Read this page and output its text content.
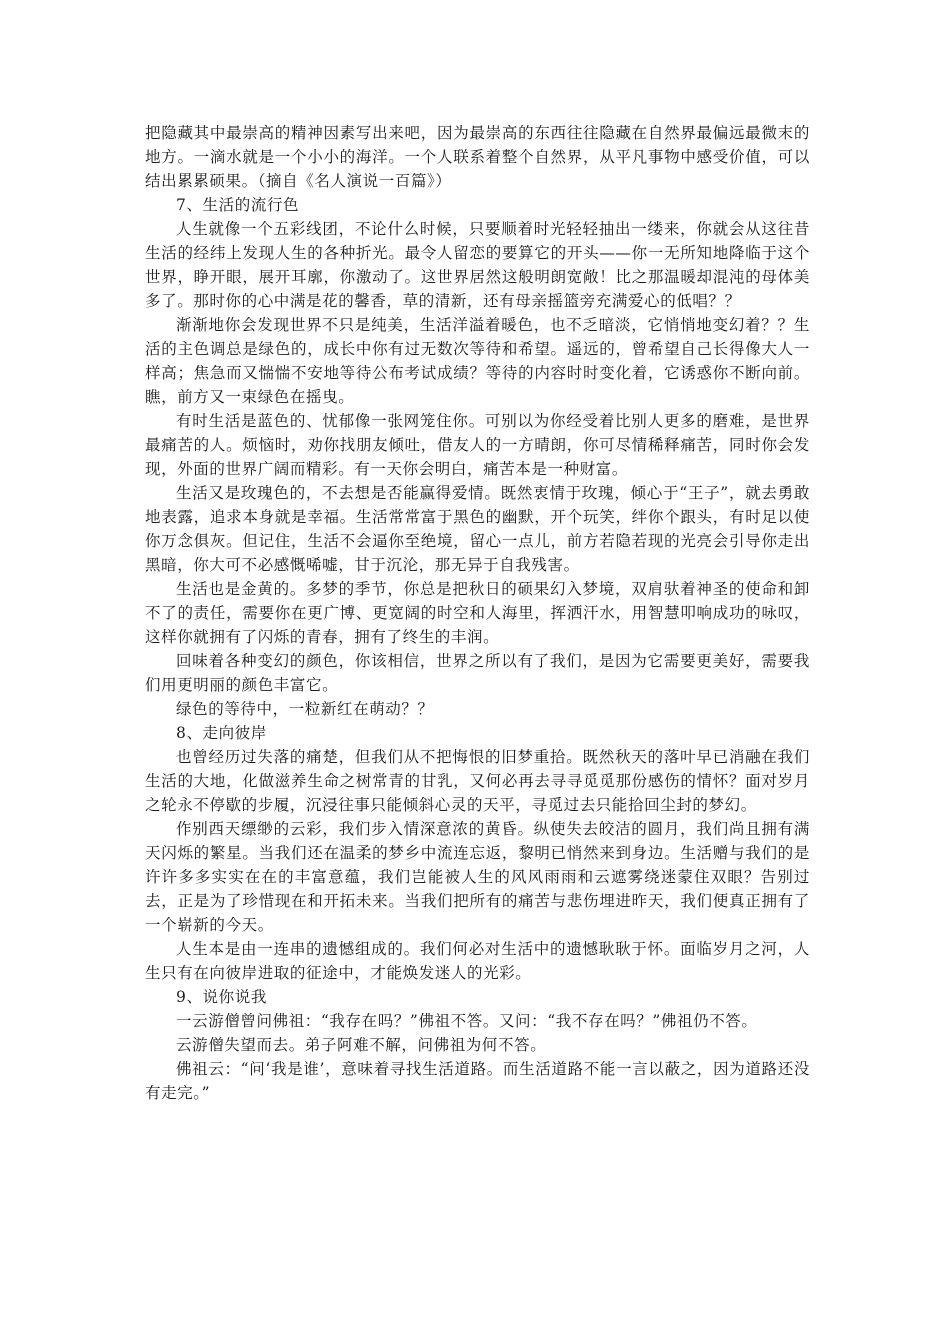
把隐藏其中最崇高的精神因素写出来吧，因为最崇高的东西往往隐藏在自然界最偏远最微末的地方。一滴水就是一个小小的海洋。一个人联系着整个自然界，从平凡事物中感受价值，可以结出累累硕果。（摘自《名人演说一百篇》）

7、生活的流行色

人生就像一个五彩线团，不论什么时候，只要顺着时光轻轻抽出一缕来，你就会从这往昔生活的经纬上发现人生的各种折光。最令人留恋的要算它的开头——你一无所知地降临于这个世界，睁开眼，展开耳廓，你激动了。这世界居然这般明朗宽敞！比之那温暖却混沌的母体美多了。那时你的心中满是花的馨香，草的清新，还有母亲摇篮旁充满爱心的低唱？？

渐渐地你会发现世界不只是纯美，生活洋溢着暖色，也不乏暗淡，它悄悄地变幻着？？生活的主色调总是绿色的，成长中你有过无数次等待和希望。遥远的，曾希望自己长得像大人一样高；焦急而又惴惴不安地等待公布考试成绩？等待的内容时时变化着，它诱惑你不断向前。瞧，前方又一束绿色在摇曳。

有时生活是蓝色的、忧郁像一张网笼住你。可别以为你经受着比别人更多的磨难，是世界最痛苦的人。烦恼时，劝你找朋友倾吐，借友人的一方晴朗，你可尽情稀释痛苦，同时你会发现，外面的世界广阔而精彩。有一天你会明白，痛苦本是一种财富。

生活又是玫瑰色的，不去想是否能赢得爱情。既然衷情于玫瑰，倾心于“王子”，就去勇敢地表露，追求本身就是幸福。生活常常富于黑色的幽默，开个玩笑，绊你个跟头，有时足以使你万念俱灰。但记住，生活不会逼你至绝境，留心一点儿，前方若隐若现的光亮会引导你走出黑暗，你大可不必感慨唏嘘，甘于沉沦，那无异于自我残害。

生活也是金黄的。多梦的季节，你总是把秋日的硕果幻入梦境，双肩驮着神圣的使命和卸不了的责任，需要你在更广博、更宽阔的时空和人海里，挥洒汗水，用智慧叩响成功的咏叹，这样你就拥有了闪烁的青春，拥有了终生的丰润。

回味着各种变幻的颜色，你该相信，世界之所以有了我们，是因为它需要更美好，需要我们用更明丽的颜色丰富它。

绿色的等待中，一粒新红在萌动？？

8、走向彼岸

也曾经历过失落的痛楚，但我们从不把悔恨的旧梦重拾。既然秋天的落叶早已消融在我们生活的大地，化做滋养生命之树常青的甘乳，又何必再去寻寻觅觅那份感伤的情怀？面对岁月之轮永不停歇的步履，沉浸往事只能倾斜心灵的天平，寻觅过去只能拾回尘封的梦幻。

作别西天缥缈的云彩，我们步入情深意浓的黄昏。纵使失去皎洁的圆月，我们尚且拥有满天闪烁的繁星。当我们还在温柔的梦乡中流连忘返，黎明已悄然来到身边。生活赠与我们的是许许多多实实在在的丰富意蕴，我们岂能被人生的风风雨雨和云遮雾绕迷蒙住双眼？告别过去，正是为了珍惜现在和开拓未来。当我们把所有的痛苦与悲伤埋进昨天，我们便真正拥有了一个崭新的今天。

人生本是由一连串的遗憾组成的。我们何必对生活中的遗憾耿耿于怀。面临岁月之河，人生只有在向彼岸进取的征途中，才能焕发迷人的光彩。

9、说你说我

一云游僧曾问佛祖：“我存在吗？”佛祖不答。又问：“我不存在吗？”佛祖仍不答。

云游僧失望而去。弟子阿难不解，问佛祖为何不答。

佛祖云：“问‘我是谁’，意味着寻找生活道路。而生活道路不能一言以蔽之，因为道路还没有走完。”
